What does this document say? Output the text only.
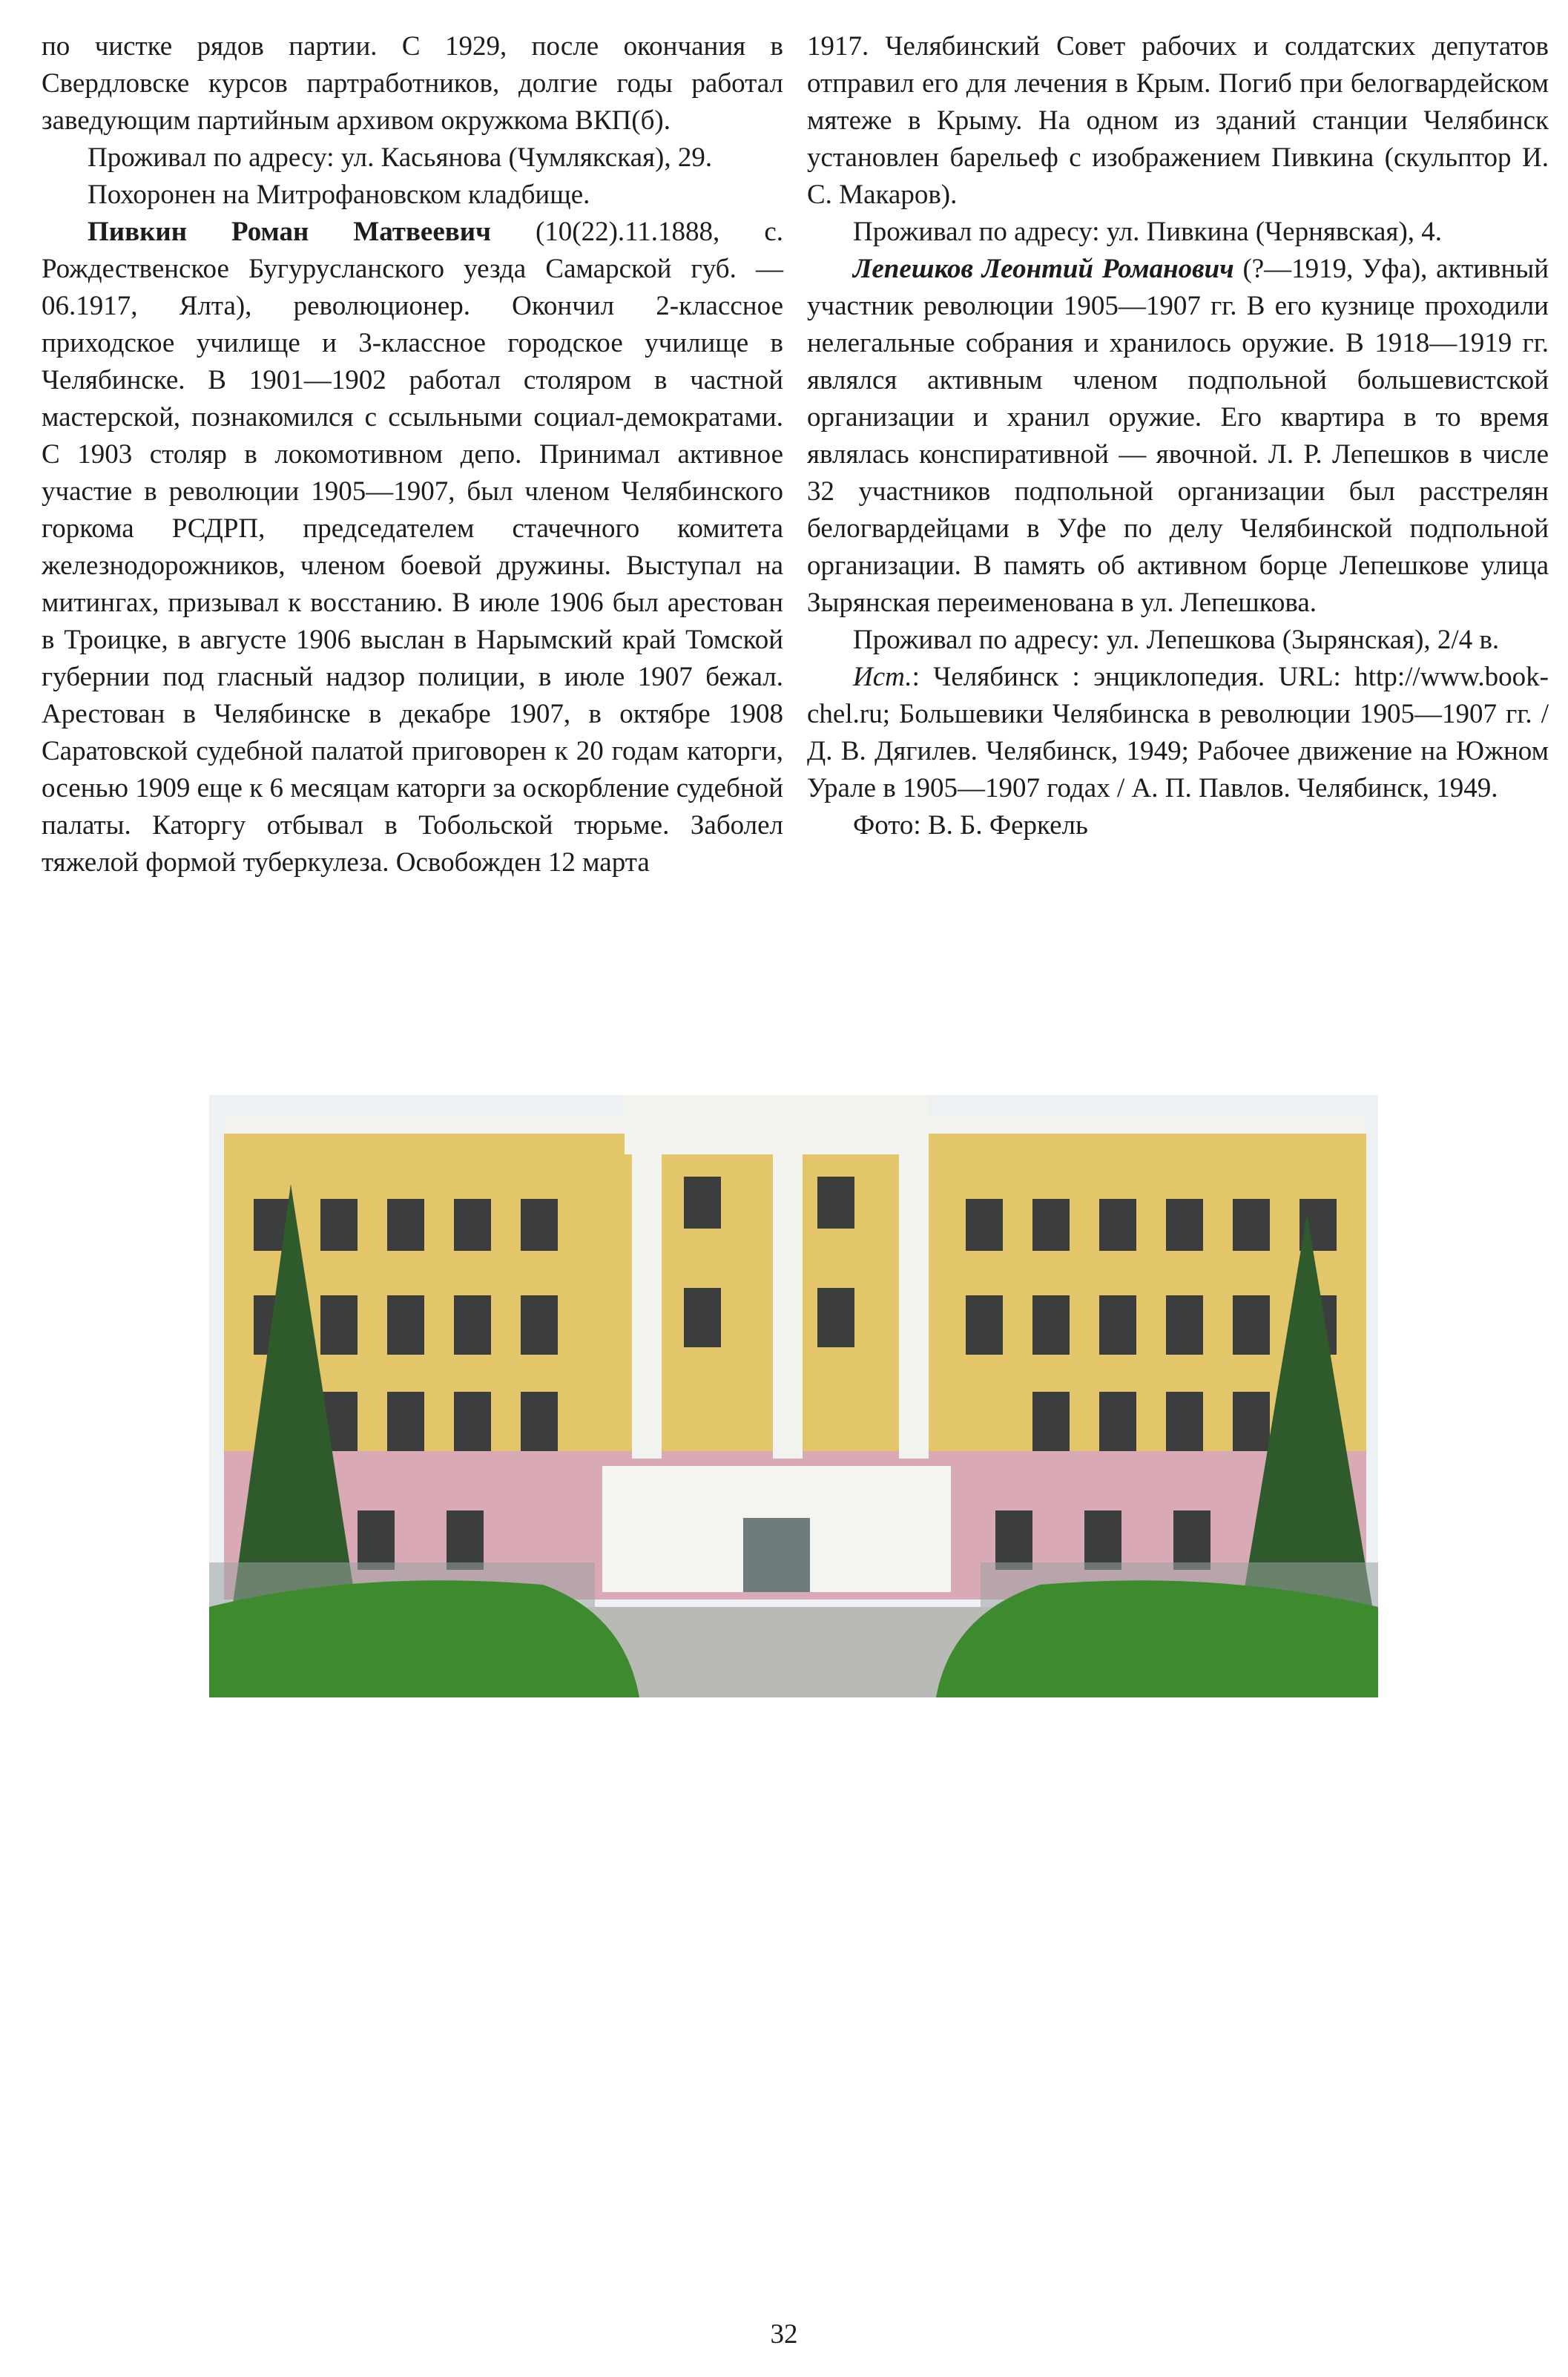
по чистке рядов партии. С 1929, после окончания в Свердловске курсов партработников, долгие годы работал заведующим партийным архивом окружкома ВКП(б).

Проживал по адресу: ул. Касьянова (Чумлякская), 29.

Похоронен на Митрофановском кладбище.

Пивкин Роман Матвеевич (10(22).11.1888, с. Рождественское Бугурусланского уезда Самарской губ. — 06.1917, Ялта), революционер. Окончил 2-классное приходское училище и 3-классное городское училище в Челябинске. В 1901—1902 работал столяром в частной мастерской, познакомился с ссыльными социал-демократами. С 1903 столяр в локомотивном депо. Принимал активное участие в революции 1905—1907, был членом Челябинского горкома РСДРП, председателем стачечного комитета железнодорожников, членом боевой дружины. Выступал на митингах, призывал к восстанию. В июле 1906 был арестован в Троицке, в августе 1906 выслан в Нарымский край Томской губернии под гласный надзор полиции, в июле 1907 бежал. Арестован в Челябинске в декабре 1907, в октябре 1908 Саратовской судебной палатой приговорен к 20 годам каторги, осенью 1909 еще к 6 месяцам каторги за оскорбление судебной палаты. Каторгу отбывал в Тобольской тюрьме. Заболел тяжелой формой туберкулеза. Освобожден 12 марта

1917. Челябинский Совет рабочих и солдатских депутатов отправил его для лечения в Крым. Погиб при белогвардейском мятеже в Крыму. На одном из зданий станции Челябинск установлен барельеф с изображением Пивкина (скульптор И. С. Макаров).

Проживал по адресу: ул. Пивкина (Чернявская), 4.

Лепешков Леонтий Романович (?—1919, Уфа), активный участник революции 1905—1907 гг. В его кузнице проходили нелегальные собрания и хранилось оружие. В 1918—1919 гг. являлся активным членом подпольной большевистской организации и хранил оружие. Его квартира в то время являлась конспиративной — явочной. Л. Р. Лепешков в числе 32 участников подпольной организации был расстрелян белогвардейцами в Уфе по делу Челябинской подпольной организации. В память об активном борце Лепешкове улица Зырянская переименована в ул. Лепешкова.

Проживал по адресу: ул. Лепешкова (Зырянская), 2/4 в.

Ист.: Челябинск : энциклопедия. URL: http://www.book-chel.ru; Большевики Челябинска в революции 1905—1907 гг. / Д. В. Дягилев. Челябинск, 1949; Рабочее движение на Южном Урале в 1905—1907 годах / А. П. Павлов. Челябинск, 1949.

Фото: В. Б. Феркель

32
